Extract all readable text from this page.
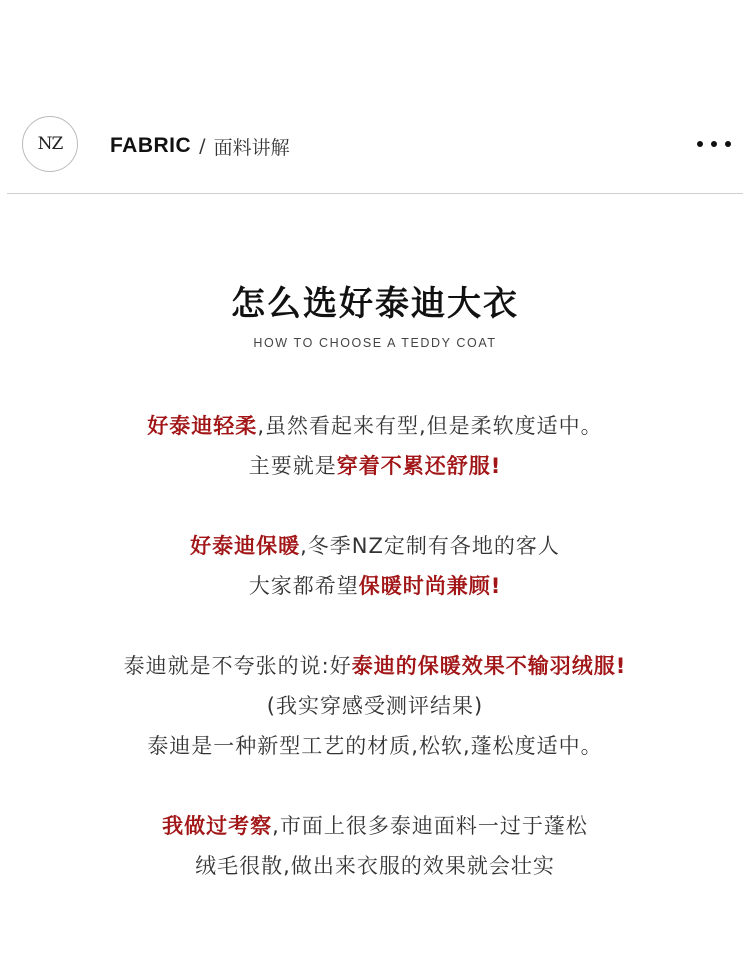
NZ	FABRIC / 面料讲解
怎么选好泰迪大衣
HOW TO CHOOSE A TEDDY COAT
好泰迪轻柔,虽然看起来有型,但是柔软度适中。
主要就是穿着不累还舒服!
好泰迪保暖,冬季NZ定制有各地的客人
大家都希望保暖时尚兼顾!
泰迪就是不夸张的说:好泰迪的保暖效果不输羽绒服!
(我实穿感受测评结果)
泰迪是一种新型工艺的材质,松软,蓬松度适中。
我做过考察,市面上很多泰迪面料一过于蓬松
绒毛很散,做出来衣服的效果就会壮实
